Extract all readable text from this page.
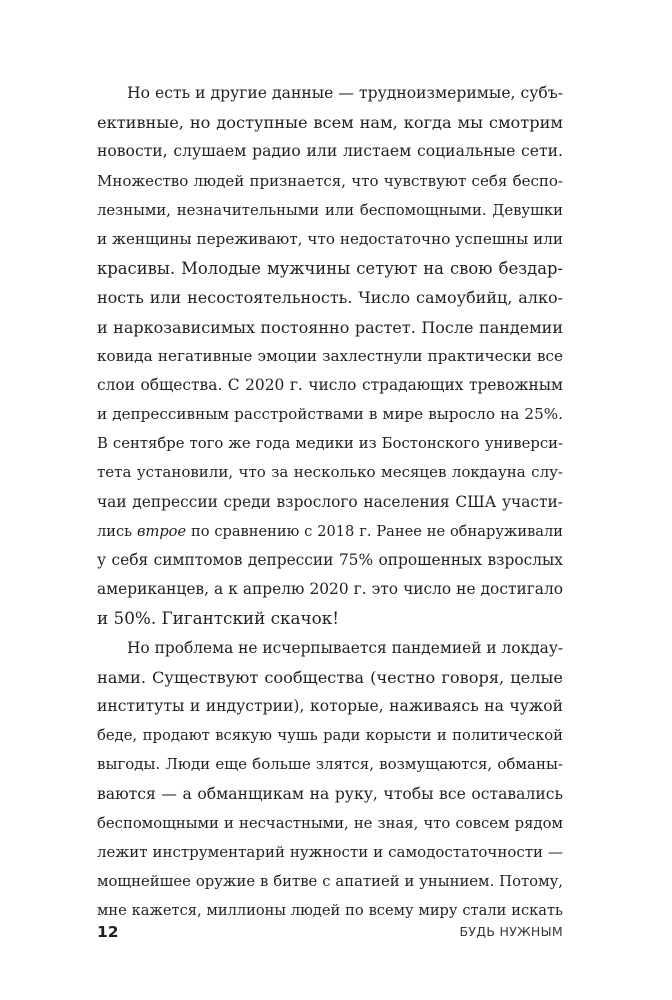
Но есть и другие данные — трудноизмеримые, субъ-
ективные, но доступные всем нам, когда мы смотрим
новости, слушаем радио или листаем социальные сети.
Множество людей признается, что чувствуют себя беспо-
лезными, незначительными или беспомощными. Девушки
и женщины переживают, что недостаточно успешны или
красивы. Молодые мужчины сетуют на свою бездар-
ность или несостоятельность. Число самоубийц, алко-
и наркозависимых постоянно растет. После пандемии
ковида негативные эмоции захлестнули практически все
слои общества. С 2020 г. число страдающих тревожным
и депрессивным расстройствами в мире выросло на 25%.
В сентябре того же года медики из Бостонского универси-
тета установили, что за несколько месяцев локдауна слу-
чаи депрессии среди взрослого населения США участи-
лись втрое по сравнению с 2018 г. Ранее не обнаруживали
у себя симптомов депрессии 75% опрошенных взрослых
американцев, а к апрелю 2020 г. это число не достигало
и 50%. Гигантский скачок!
Но проблема не исчерпывается пандемией и локдау-
нами. Существуют сообщества (честно говоря, целые
институты и индустрии), которые, наживаясь на чужой
беде, продают всякую чушь ради корысти и политической
выгоды. Люди еще больше злятся, возмущаются, обманы-
ваются — а обманщикам на руку, чтобы все оставались
беспомощными и несчастными, не зная, что совсем рядом
лежит инструментарий нужности и самодостаточности —
мощнейшее оружие в битве с апатией и унынием. Потому,
мне кажется, миллионы людей по всему миру стали искать
12	БУДЬ НУЖНЫМ
